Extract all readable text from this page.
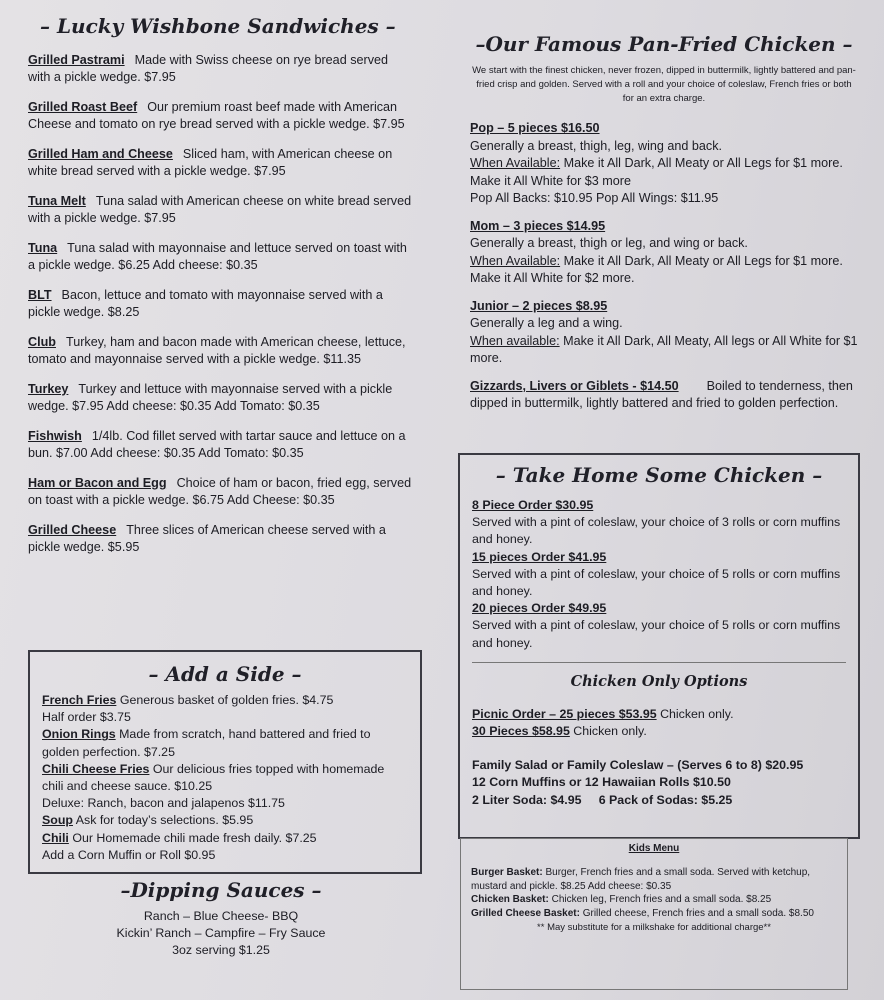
– Lucky Wishbone Sandwiches –
Grilled Pastrami Made with Swiss cheese on rye bread served with a pickle wedge. $7.95
Grilled Roast Beef Our premium roast beef made with American Cheese and tomato on rye bread served with a pickle wedge. $7.95
Grilled Ham and Cheese Sliced ham, with American cheese on white bread served with a pickle wedge. $7.95
Tuna Melt Tuna salad with American cheese on white bread served with a pickle wedge. $7.95
Tuna Tuna salad with mayonnaise and lettuce served on toast with a pickle wedge. $6.25 Add cheese: $0.35
BLT Bacon, lettuce and tomato with mayonnaise served with a pickle wedge. $8.25
Club Turkey, ham and bacon made with American cheese, lettuce, tomato and mayonnaise served with a pickle wedge. $11.35
Turkey Turkey and lettuce with mayonnaise served with a pickle wedge. $7.95 Add cheese: $0.35 Add Tomato: $0.35
Fishwish 1/4lb. Cod fillet served with tartar sauce and lettuce on a bun. $7.00 Add cheese: $0.35 Add Tomato: $0.35
Ham or Bacon and Egg Choice of ham or bacon, fried egg, served on toast with a pickle wedge. $6.75 Add Cheese: $0.35
Grilled Cheese Three slices of American cheese served with a pickle wedge. $5.95
– Add a Side –
French Fries Generous basket of golden fries. $4.75
Half order $3.75
Onion Rings Made from scratch, hand battered and fried to golden perfection. $7.25
Chili Cheese Fries Our delicious fries topped with homemade chili and cheese sauce. $10.25
Deluxe: Ranch, bacon and jalapenos $11.75
Soup Ask for today’s selections. $5.95
Chili Our Homemade chili made fresh daily. $7.25
Add a Corn Muffin or Roll $0.95
–Dipping Sauces –
Ranch – Blue Cheese- BBQ
Kickin’ Ranch – Campfire – Fry Sauce
3oz serving $1.25
–Our Famous Pan-Fried Chicken –
We start with the finest chicken, never frozen, dipped in buttermilk, lightly battered and pan-fried crisp and golden. Served with a roll and your choice of coleslaw, French fries or both for an extra charge.
Pop – 5 pieces $16.50
Generally a breast, thigh, leg, wing and back.
When Available: Make it All Dark, All Meaty or All Legs for $1 more. Make it All White for $3 more
Pop All Backs: $10.95 Pop All Wings: $11.95
Mom – 3 pieces $14.95
Generally a breast, thigh or leg, and wing or back.
When Available: Make it All Dark, All Meaty or All Legs for $1 more. Make it All White for $2 more.
Junior – 2 pieces $8.95
Generally a leg and a wing.
When available: Make it All Dark, All Meaty, All legs or All White for $1 more.
Gizzards, Livers or Giblets - $14.50 Boiled to tenderness, then dipped in buttermilk, lightly battered and fried to golden perfection.
– Take Home Some Chicken –
8 Piece Order $30.95
Served with a pint of coleslaw, your choice of 3 rolls or corn muffins and honey.
15 pieces Order $41.95
Served with a pint of coleslaw, your choice of 5 rolls or corn muffins and honey.
20 pieces Order $49.95
Served with a pint of coleslaw, your choice of 5 rolls or corn muffins and honey.
Chicken Only Options
Picnic Order – 25 pieces $53.95 Chicken only.
30 Pieces $58.95 Chicken only.
Family Salad or Family Coleslaw – (Serves 6 to 8) $20.95
12 Corn Muffins or 12 Hawaiian Rolls $10.50
2 Liter Soda: $4.95     6 Pack of Sodas: $5.25
Kids Menu
Burger Basket: Burger, French fries and a small soda. Served with ketchup, mustard and pickle. $8.25 Add cheese: $0.35
Chicken Basket: Chicken leg, French fries and a small soda. $8.25
Grilled Cheese Basket: Grilled cheese, French fries and a small soda. $8.50
** May substitute for a milkshake for additional charge**
